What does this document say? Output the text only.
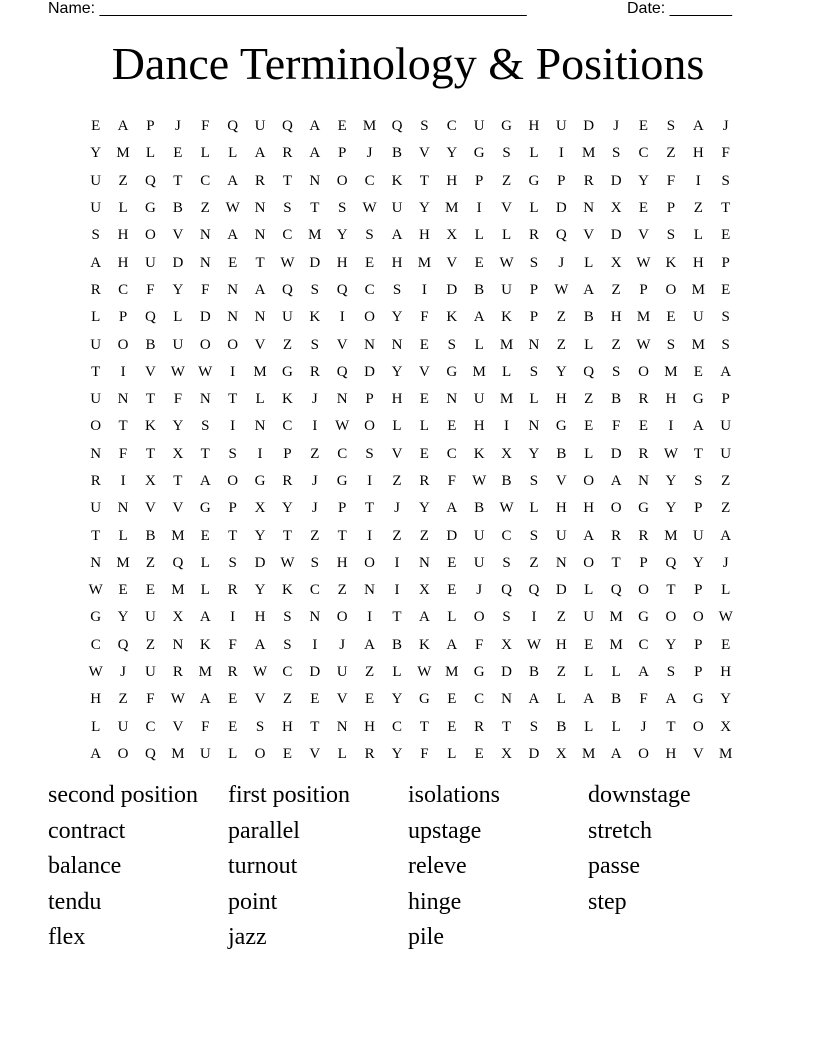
Name: ________________________________________________	Date: _______
Dance Terminology & Positions
E	A	P	J	F	Q	U	Q	A	E	M	Q	S	C	U	G	H	U	D	J	E	S	A	J
Y	M	L	E	L	L	A	R	A	P	J	B	V	Y	G	S	L	I	M	S	C	Z	H	F
U	Z	Q	T	C	A	R	T	N	O	C	K	T	H	P	Z	G	P	R	D	Y	F	I	S
U	L	G	B	Z	W N	S	T	S	W U	Y	M	I	V	L	D	N	X	E	P	Z	T
S	H	O	V	N	A	N	C	M	Y	S	A	H	X	L	L	R	Q	V	D	V	S	L	E
A	H	U	D	N	E	T	W D	H	E	H	M	V	E	W	S	J	L	X W K	H	P
R	C	F	Y	F	N	A	Q	S	Q	C	S	I	D	B	U	P	W A	Z	P	O	M	E
L	P	Q	L	D	N	N	U	K	I	O	Y	F	K	A	K	P	Z	B	H	M	E	U	S
U	O	B	U	O	O	V	Z	S	V	N	N	E	S	L	M	N	Z	L	Z	W	S	M	S
T	I	V W W	I	M	G	R	Q	D	Y	V	G	M	L	S	Y	Q	S	O	M	E	A
U	N	T	F	N	T	L	K	J	N	P	H	E	N	U	M	L	H	Z	B	R	H	G	P
O	T	K	Y	S	I	N	C	I	W O	L	L	E	H	I	N	G	E	F	E	I	A	U
N	F	T	X	T	S	I	P	Z	C	S	V	E	C	K	X	Y	B	L	D	R	W	T	U
R	I	X	T	A	O	G	R	J	G	I	Z	R	F	W	B	S	V	O	A	N	Y	S	Z
U	N	V	V	G	P	X	Y	J	P	T	J	Y	A	B	W	L	H	H	O	G	Y	P	Z
T	L	B	M	E	T	Y	T	Z	T	I	Z	Z	D	U	C	S	U	A	R	R	M	U	A
N	M	Z	Q	L	S	D W	S	H	O	I	N	E	U	S	Z	N	O	T	P	Q	Y	J
W	E	E	M	L	R	Y	K	C	Z	N	I	X	E	J	Q	Q	D	L	Q	O	T	P	L
G	Y	U	X	A	I	H	S	N	O	I	T	A	L	O	S	I	Z	U	M	G	O	O W
C	Q	Z	N	K	F	A	S	I	J	A	B	K	A	F	X W H	E	M	C	Y	P	E
W	J	U	R	M	R	W	C	D	U	Z	L	W M	G	D	B	Z	L	L	A	S	P	H
H	Z	F	W A	E	V	Z	E	V	E	Y	G	E	C	N	A	L	A	B	F	A	G	Y
L	U	C	V	F	E	S	H	T	N	H	C	T	E	R	T	S	B	L	L	J	T	O	X
A	O	Q	M	U	L	O	E	V	L	R	Y	F	L	E	X	D	X	M	A	O	H	V	M
second position	first position	isolations	downstage
contract	parallel	upstage	stretch
balance	turnout	releve	passe
tendu	point	hinge	step
flex	jazz	pile
